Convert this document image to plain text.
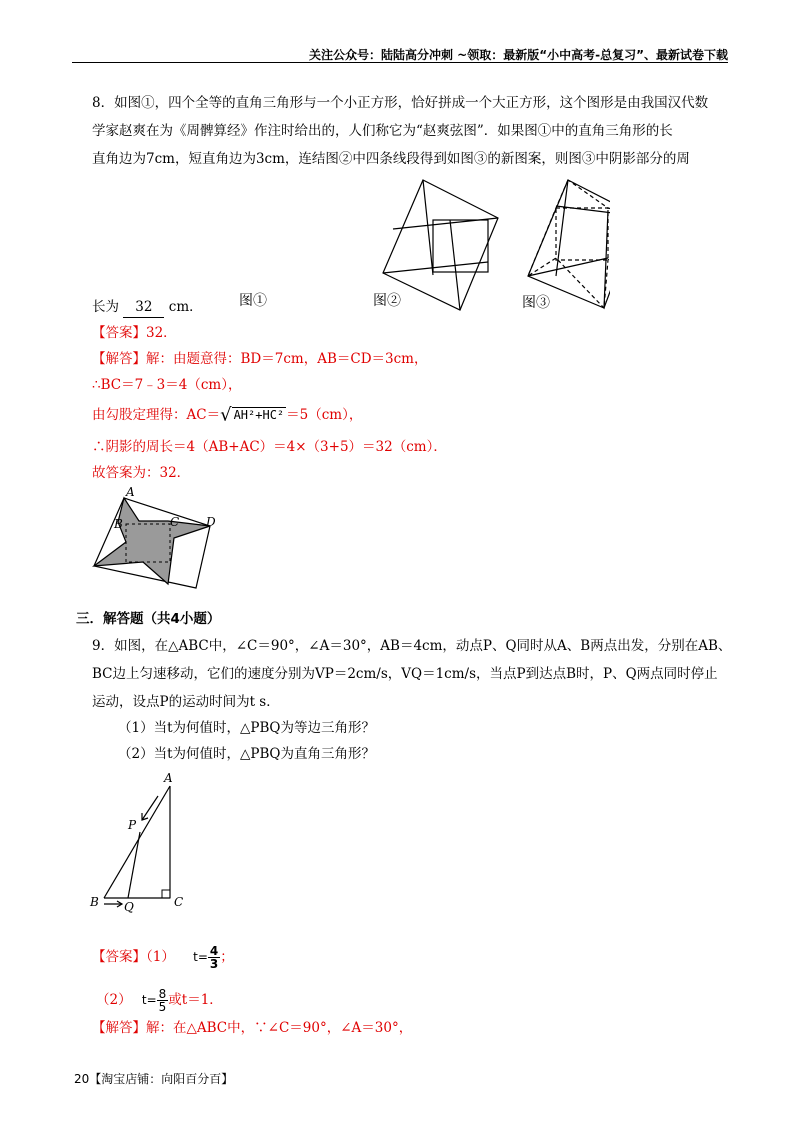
关注公众号：陆陆高分冲刺 ~领取：最新版“小中高考-总复习”、最新试卷下载
8．如图①，四个全等的直角三角形与一个小正方形，恰好拼成一个大正方形，这个图形是由我国汉代数
学家赵爽在为《周髀算经》作注时给出的，人们称它为“赵爽弦图”．如果图①中的直角三角形的长
直角边为7cm，短直角边为3cm，连结图②中四条线段得到如图③的新图案，则图③中阴影部分的周
图①	图②	图③
长为 32 cm．
【答案】32．
【解答】解：由题意得：BD＝7cm，AB＝CD＝3cm，
∴BC＝7﹣3＝4（cm），
由勾股定理得：AC＝√ AH²+HC² ＝5（cm），
∴阴影的周长＝4（AB+AC）＝4×（3+5）＝32（cm）．
故答案为：32．
A
B	C D
三．解答题（共4小题）
9．如图，在△ABC中，∠C＝90°，∠A＝30°，AB＝4cm，动点P、Q同时从A、B两点出发，分别在AB、
BC边上匀速移动，它们的速度分别为VP＝2cm/s，VQ＝1cm/s，当点P到达点B时，P、Q两点同时停止
运动，设点P的运动时间为t s．
（1）当t为何值时，△PBQ为等边三角形？
（2）当t为何值时，△PBQ为直角三角形？
A
P
B Q	C
【答案】（1） $t= \frac{4}{3}$ ；
（2） $t= \frac{8}{5}$ 或t＝1．
【解答】解：在△ABC中，∵∠C＝90°，∠A＝30°，
20【淘宝店铺：向阳百分百】
